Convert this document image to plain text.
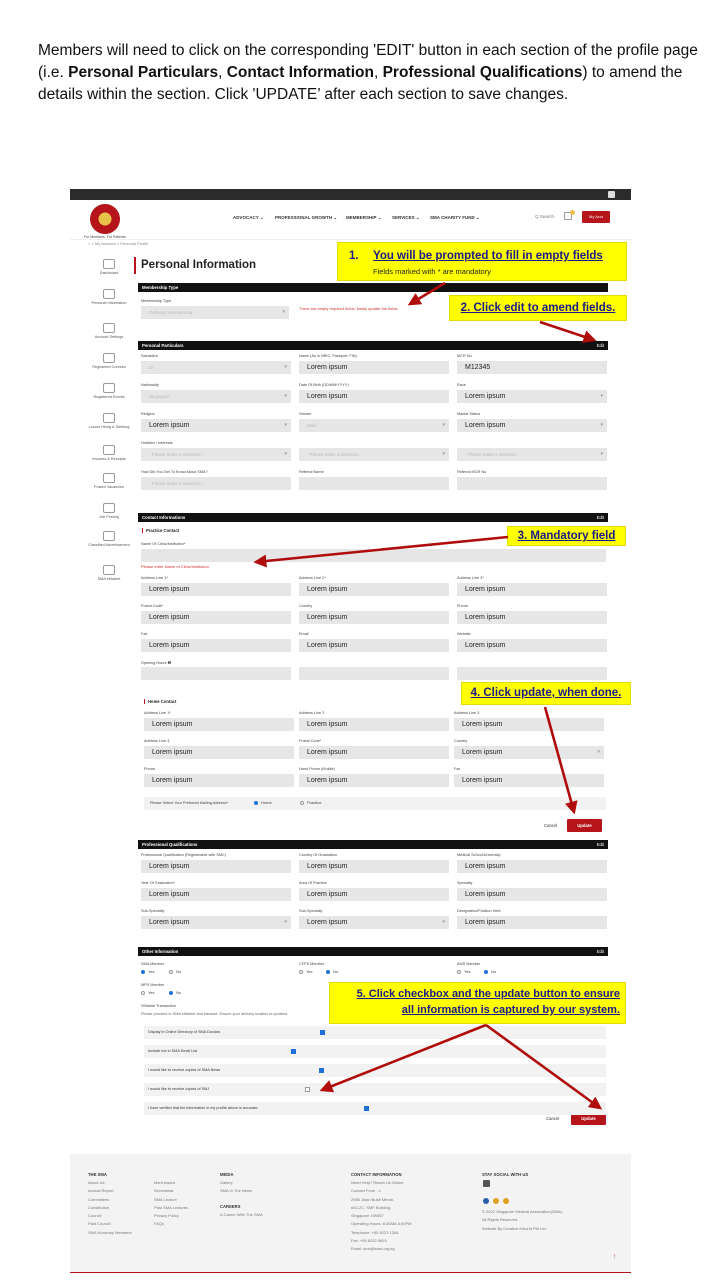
Members will need to click on the corresponding 'EDIT' button in each section of the profile page
(i.e. Personal Particulars, Contact Information, Professional Qualifications) to amend the details within the section. Click 'UPDATE’ after each section to save changes.
For Members. For Patients.
ADVOCACY ⌄	PROFESSIONAL GROWTH ⌄ MEMBERSHIP ⌄ SERVICES ⌄ SMA CHARITY FUND ⌄	Q Search	My Acct
⌂ > My Account > Personal Profile
Dashboard
Personal Information
Account Settings
Registered Courses
Registered Events
Locum Hiring & Seeking
Invoices & Receipts
Posted Vacancies
Job Posting
Classified Advertisement
SMA eMarket
Personal Information
Membership Type
Membership Type
Ordinary Membership ▾
There are empty required fields. kindly update the fields.
Personal Particulars	Edit
Contact Informations	Edit
Practice Contact
Name Of Clinic/Institution*
Please enter Name of Clinic/Institution
Home Contact
Please Select Your Preferred Mailing Address*	Home	Practice
Cancel	Update
Professional Qualifications	Edit
Other Information	Edit
SMA Member
Yes	No
CFPS Member
Yes	No
AMS Member
Yes	No
MPS Member
Yes	No
SMarket Transaction
Please proceed to SMA eMarket and transact. Ensure your delivery location is updated.
Cancel	Update
THE SMA
About Us
Annual Report
Committees
Constitution
Council
Past Council
SMA Honorary Members
Merit Award
Secretariat
SMA Lecture
Past SMA Lectures
Privacy Policy
FAQs
MEDIA
Gallery
SMA In The News
CAREERS
A Career With The SMA
CONTACT INFORMATION
Need Help? Reach Us Online
Contact Form  ->
2985 Jalan Bukit Merah,
#02-2C, SMF Building,
Singapore 159457
Operating Hours: 8:30AM-6:00PM
Telephone: +65 6223 1264
Fax: +65 6252 9693
Email: sma@sma.org.sg
STAY SOCIAL WITH US
© 2022 Singapore Medical Association(SMA).
All Rights Reserved.
Website By Creative eWorld Pte Ltd.
↑
Salutation
Dr ▾
Name (As in NRIC, Passport, FIN)
Lorem ipsum
MCR No.
M12345
Nationality
Singapore ▾
Date Of Birth (DD/MM/YYYY)
Lorem ipsum
Race
Lorem ipsum ▾
Religion
Lorem ipsum ▾
Gender
Male ▾
Marital Status
Lorem ipsum ▾
Hobbies / Interests
- Please make a selection - ▾	- Please make a selection - ▾	- Please make a selection - ▾
How Did You Get To Know About SMA?
- Please make a selection -
Referral Name	Referral MCR No.
Address Line 1*
Lorem ipsum
Address Line 2*
Lorem ipsum
Address Line 3*
Lorem ipsum
Postal Code*
Lorem ipsum
Country
Lorem ipsum
Phone
Lorem ipsum
Fax
Lorem ipsum
Email
Lorem ipsum
Website
Lorem ipsum
Opening Hours ❶
Address Line 1*
Lorem ipsum
Address Line 2
Lorem ipsum
Address Line 3
Lorem ipsum
Address Line 4
Lorem ipsum
Postal Code*
Lorem ipsum
Country
Lorem ipsum ▾
Phone
Lorem ipsum
Hand Phone (Mobile)
Lorem ipsum
Fax
Lorem ipsum
Professional Qualification (Registerable with SMC)
Lorem ipsum
Country Of Graduation
Lorem ipsum
Medical School/University
Lorem ipsum
Year Of Graduation*
Lorem ipsum
Area Of Practice
Lorem ipsum
Specialty
Lorem ipsum
Sub-Specialty
Lorem ipsum ▾
Sub-Specialty
Lorem ipsum ▾
Designation/Position Held
Lorem ipsum
Display in Online Directory of SMA Doctors
Include me in SMA Email List
I would like to receive copies of SMA News
I would like to receive copies of SMJ
I have verified that the information in my profile above is accurate.
1. You will be prompted to fill in empty fields
Fields marked with * are mandatory
2. Click edit to amend fields.
3. Mandatory field
4. Click update, when done.
5. Click checkbox and the update button to ensure
all information is captured by our system.
